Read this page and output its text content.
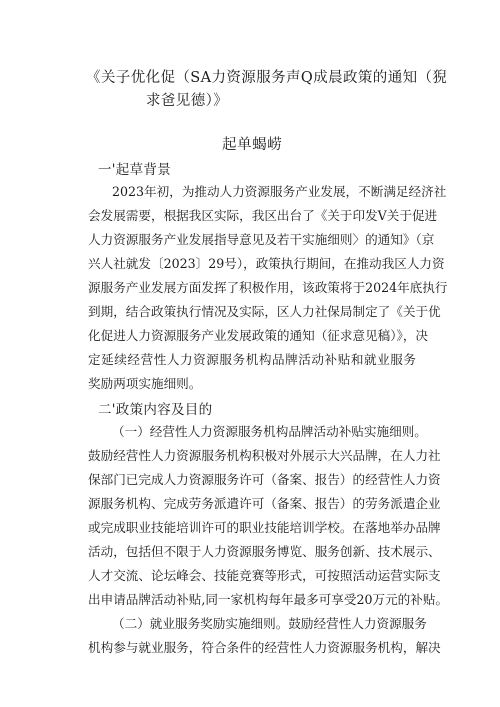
《关子优化促（SA力资源服务声Q成晨政策的通知（猊
求爸见德）》
起单蝎崂
一'起草背景
2023年初，为推动人力资源服务产业发展，不断满足经济社
会发展需要，根据我区实际，我区出台了《关于印发V关于促进
人力资源服务产业发展指导意见及若干实施细则〉的通知》（京
兴人社就发〔2023〕29号），政策执行期间，在推动我区人力资
源服务产业发展方面发挥了积极作用，该政策将于2024年底执行
到期，结合政策执行情况及实际，区人力社保局制定了《关于优
化促进人力资源服务产业发展政策的通知（征求意见稿）》，决
定延续经营性人力资源服务机构品牌活动补贴和就业服务
奖励两项实施细则。
二'政策内容及目的
（一）经营性人力资源服务机构品牌活动补贴实施细则。
鼓励经营性人力资源服务机构积极对外展示大兴品牌，在人力社
保部门已完成人力资源服务许可（备案、报告）的经营性人力资
源服务机构、完成劳务派遣许可（备案、报告）的劳务派遣企业
或完成职业技能培训许可的职业技能培训学校。在落地举办品牌
活动，包括但不限于人力资源服务博览、服务创新、技术展示、
人才交流、论坛峰会、技能竞赛等形式，可按照活动运营实际支
出申请品牌活动补贴,同一家机构每年最多可享受20万元的补贴。
（二）就业服务奖励实施细则。鼓励经营性人力资源服务
机构参与就业服务，符合条件的经营性人力资源服务机构，解决
